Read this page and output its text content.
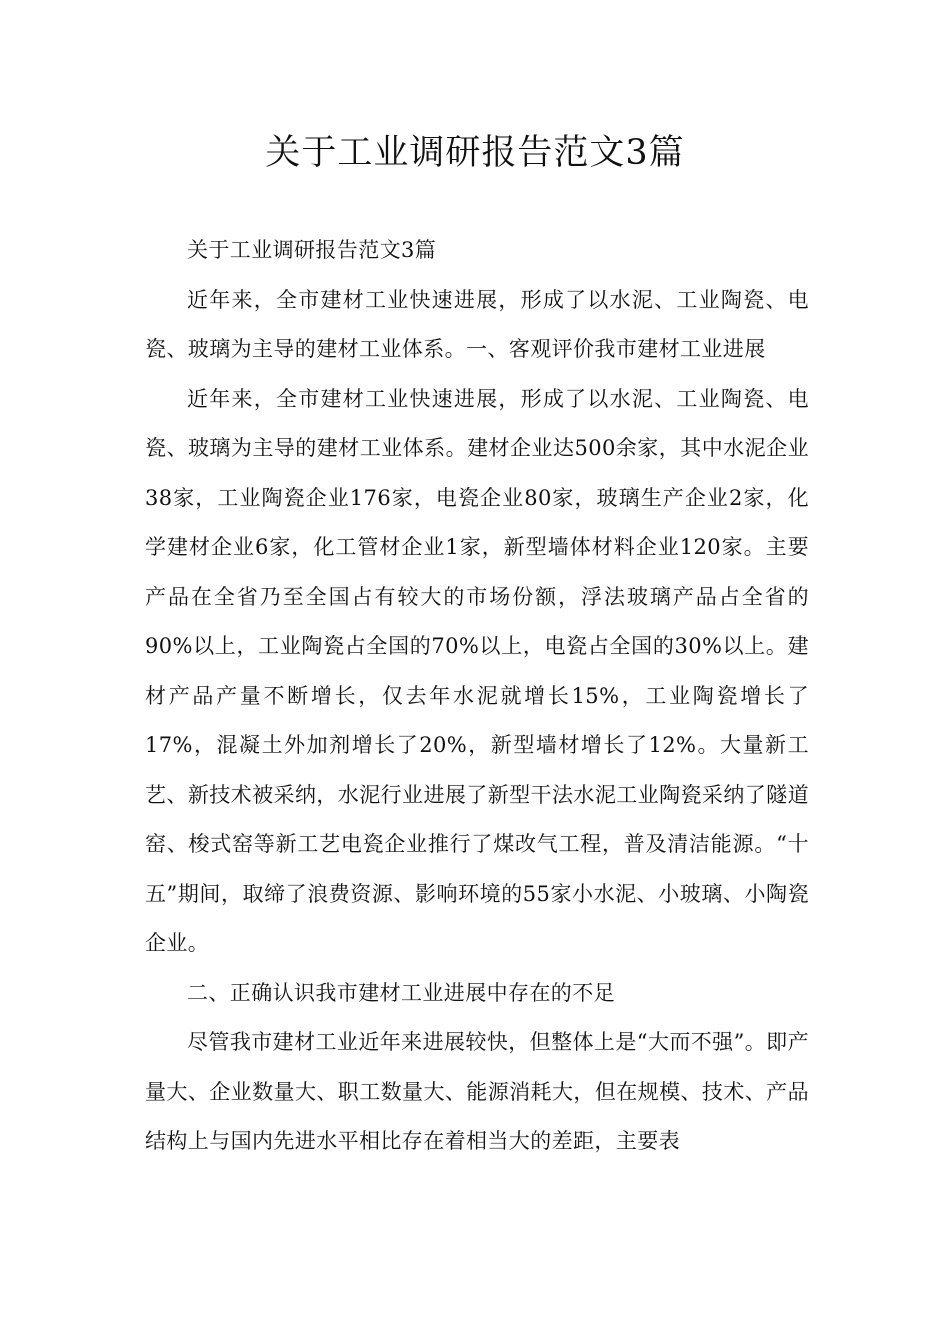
关于工业调研报告范文3篇

关于工业调研报告范文3篇

近年来，全市建材工业快速进展，形成了以水泥、工业陶瓷、电瓷、玻璃为主导的建材工业体系。一、客观评价我市建材工业进展

近年来，全市建材工业快速进展，形成了以水泥、工业陶瓷、电瓷、玻璃为主导的建材工业体系。建材企业达500余家，其中水泥企业38家，工业陶瓷企业176家，电瓷企业80家，玻璃生产企业2家，化学建材企业6家，化工管材企业1家，新型墙体材料企业120家。主要产品在全省乃至全国占有较大的市场份额，浮法玻璃产品占全省的90%以上，工业陶瓷占全国的70%以上，电瓷占全国的30%以上。建材产品产量不断增长，仅去年水泥就增长15%，工业陶瓷增长了17%，混凝土外加剂增长了20%，新型墙材增长了12%。大量新工艺、新技术被采纳，水泥行业进展了新型干法水泥工业陶瓷采纳了隧道窑、梭式窑等新工艺电瓷企业推行了煤改气工程，普及清洁能源。“十五”期间，取缔了浪费资源、影响环境的55家小水泥、小玻璃、小陶瓷企业。

二、正确认识我市建材工业进展中存在的不足

尽管我市建材工业近年来进展较快，但整体上是“大而不强”。即产量大、企业数量大、职工数量大、能源消耗大，但在规模、技术、产品结构上与国内先进水平相比存在着相当大的差距，主要表
